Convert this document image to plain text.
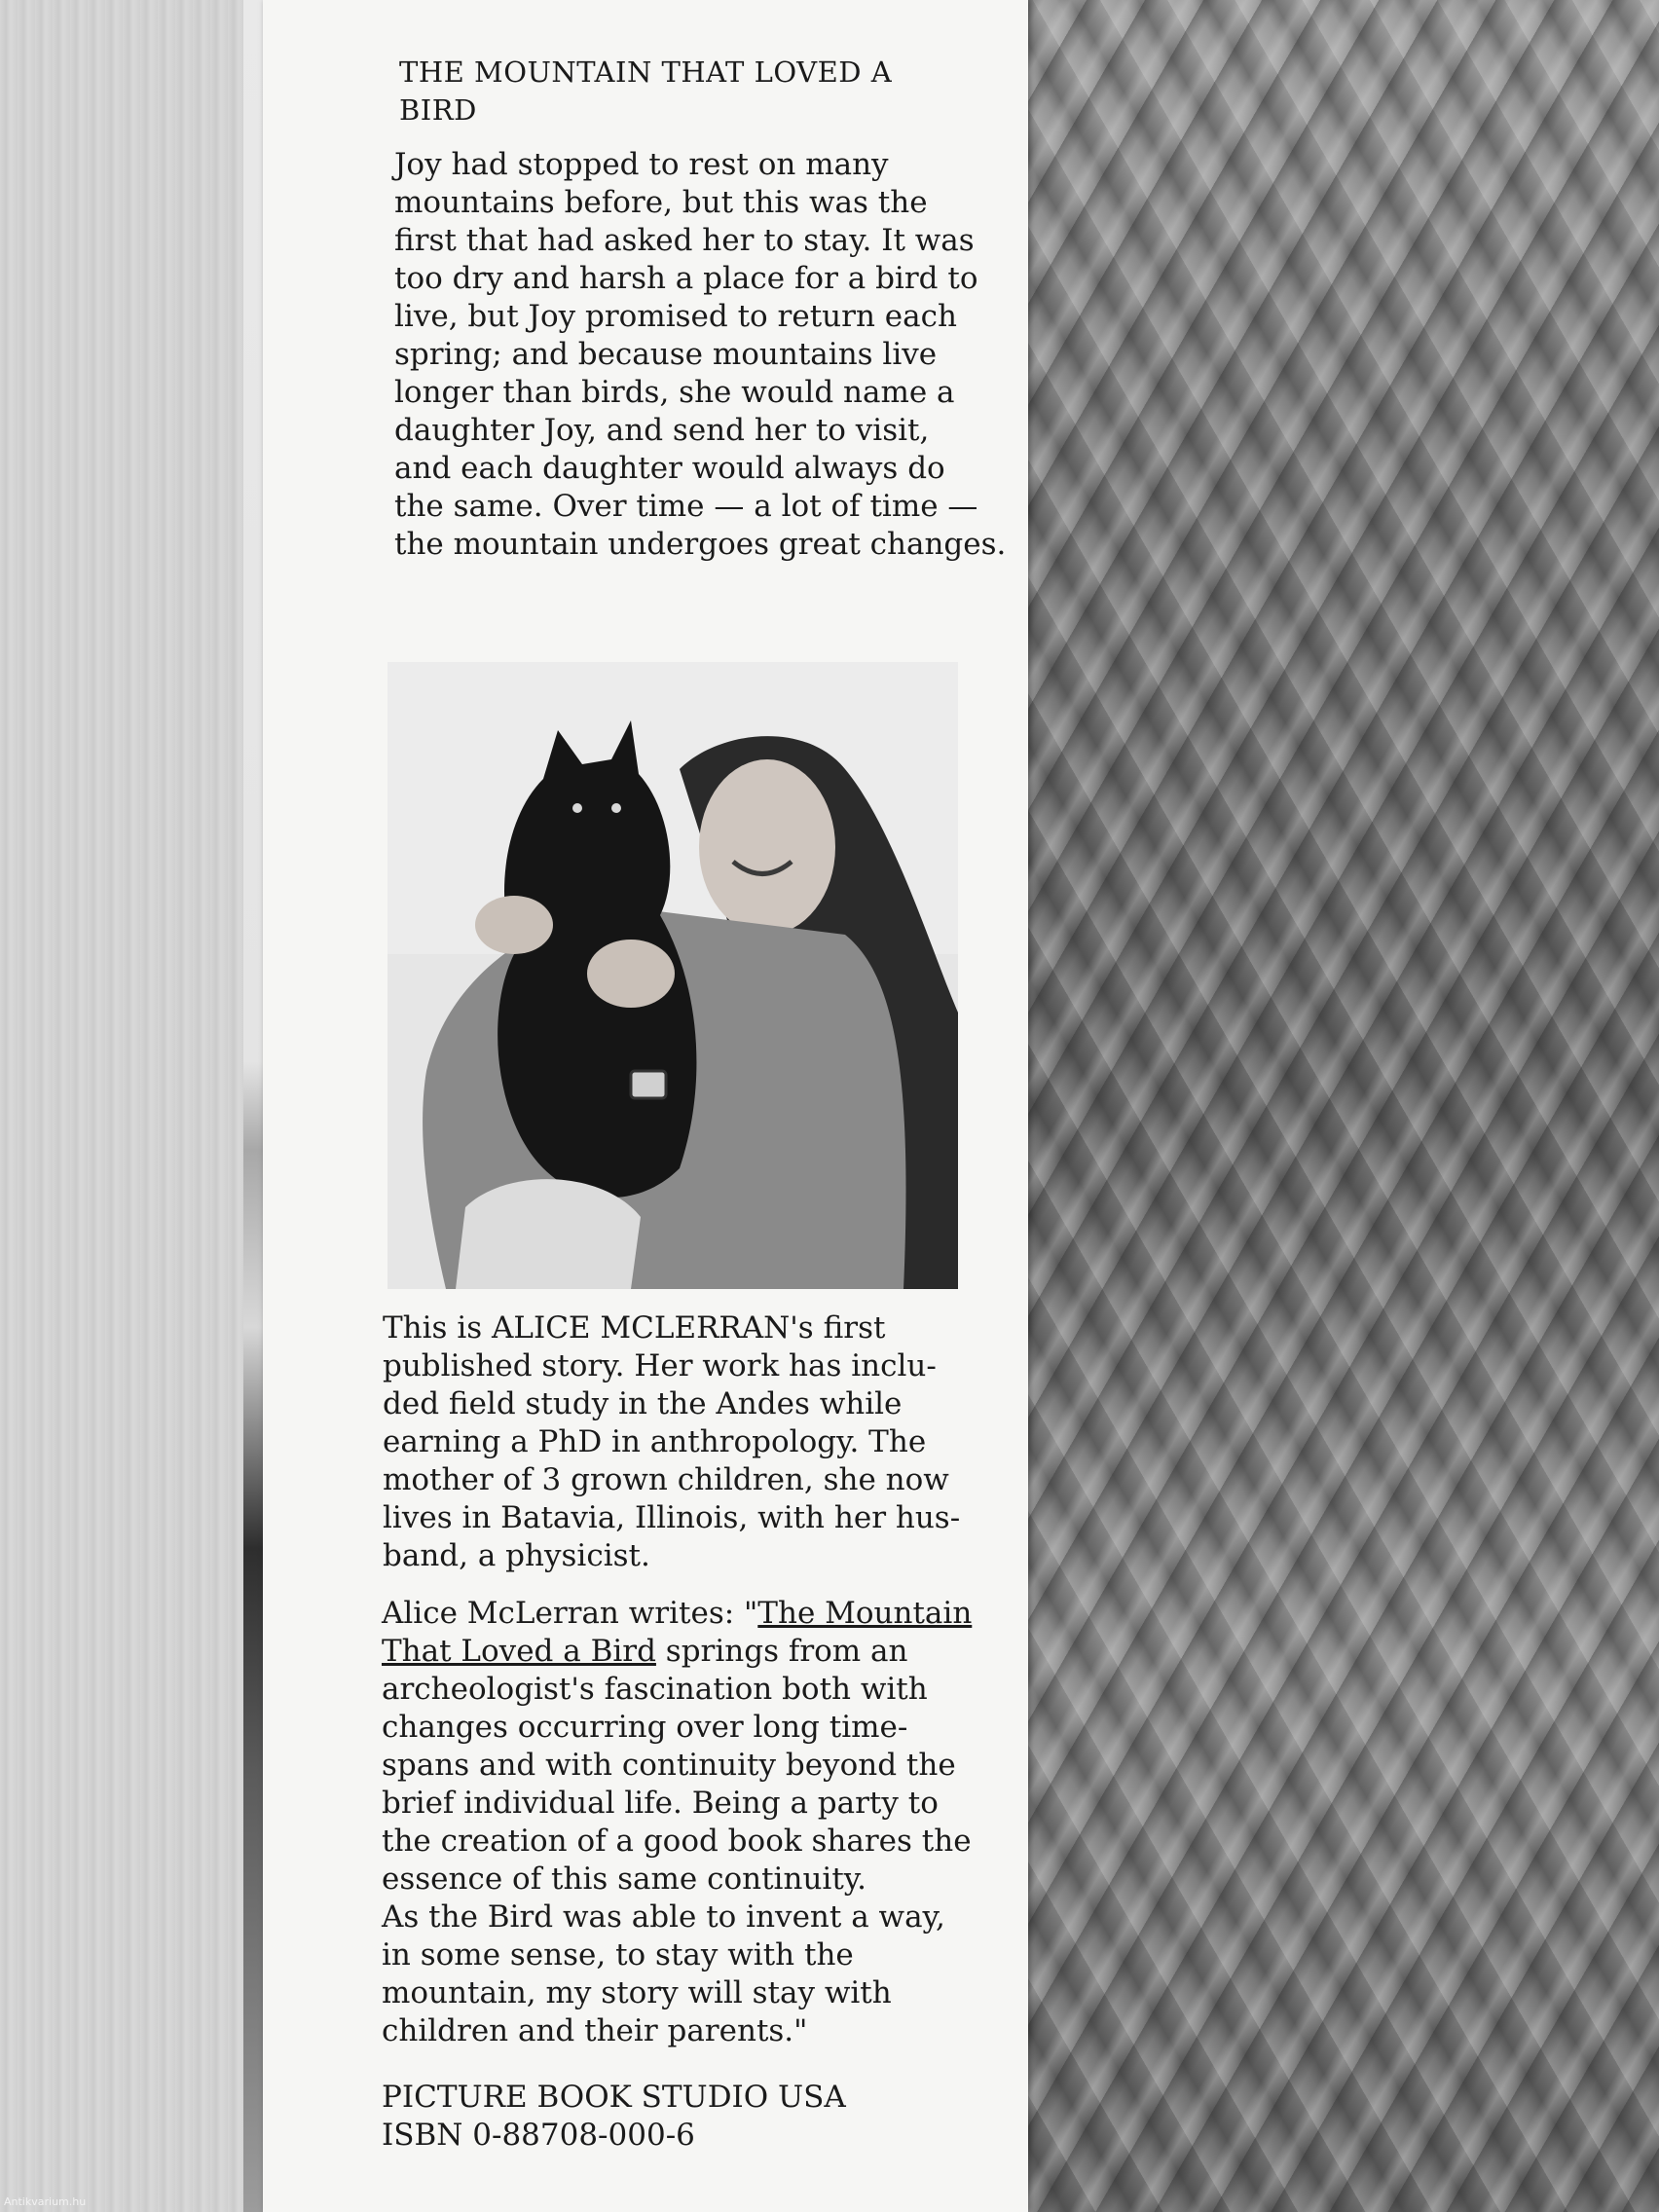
THE MOUNTAIN THAT LOVED A
BIRD
Joy had stopped to rest on many
mountains before, but this was the
first that had asked her to stay. It was
too dry and harsh a place for a bird to
live, but Joy promised to return each
spring; and because mountains live
longer than birds, she would name a
daughter Joy, and send her to visit,
and each daughter would always do
the same. Over time — a lot of time —
the mountain undergoes great changes.
This is ALICE MCLERRAN's first
published story. Her work has inclu-
ded field study in the Andes while
earning a PhD in anthropology. The
mother of 3 grown children, she now
lives in Batavia, Illinois, with her hus-
band, a physicist.
Alice McLerran writes: "The Mountain
That Loved a Bird springs from an
archeologist's fascination both with
changes occurring over long time-
spans and with continuity beyond the
brief individual life. Being a party to
the creation of a good book shares the
essence of this same continuity.
As the Bird was able to invent a way,
in some sense, to stay with the
mountain, my story will stay with
children and their parents."
PICTURE BOOK STUDIO USA
ISBN 0-88708-000-6
Antikvarium.hu
